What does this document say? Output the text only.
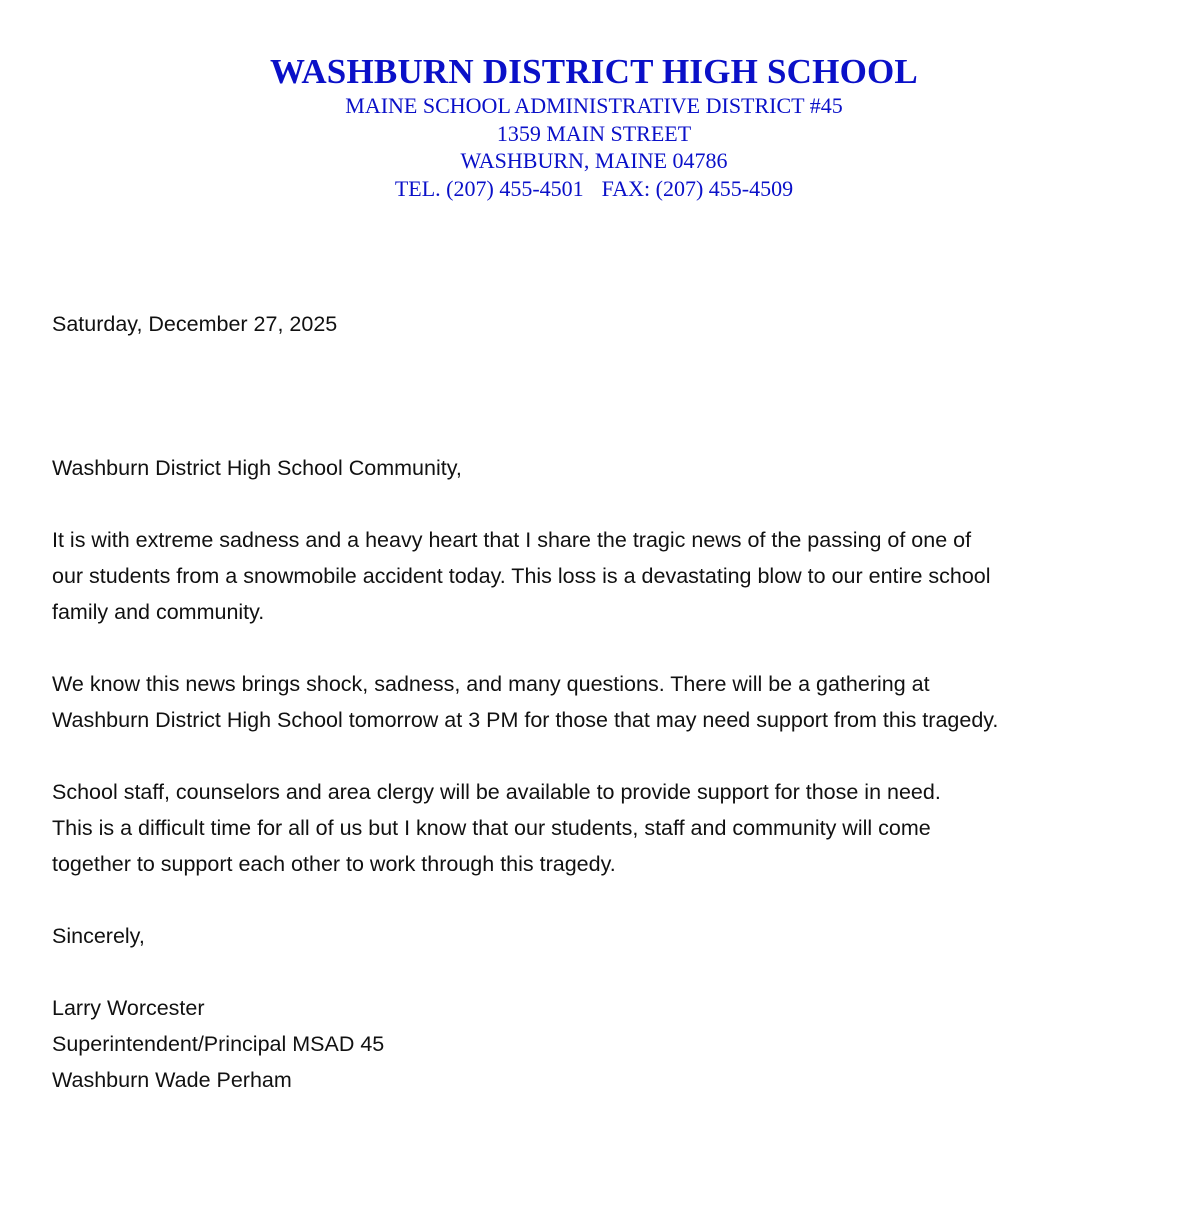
WASHBURN DISTRICT HIGH SCHOOL
MAINE SCHOOL ADMINISTRATIVE DISTRICT #45
1359 MAIN STREET
WASHBURN, MAINE 04786
TEL. (207) 455-4501 FAX: (207) 455-4509
Saturday, December 27, 2025
Washburn District High School Community,
It is with extreme sadness and a heavy heart that I share the tragic news of the passing of one of
our students from a snowmobile accident today. This loss is a devastating blow to our entire school
family and community.
We know this news brings shock, sadness, and many questions. There will be a gathering at
Washburn District High School tomorrow at 3 PM for those that may need support from this tragedy.
School staff, counselors and area clergy will be available to provide support for those in need.
This is a difficult time for all of us but I know that our students, staff and community will come
together to support each other to work through this tragedy.
Sincerely,
Larry Worcester
Superintendent/Principal MSAD 45
Washburn Wade Perham
